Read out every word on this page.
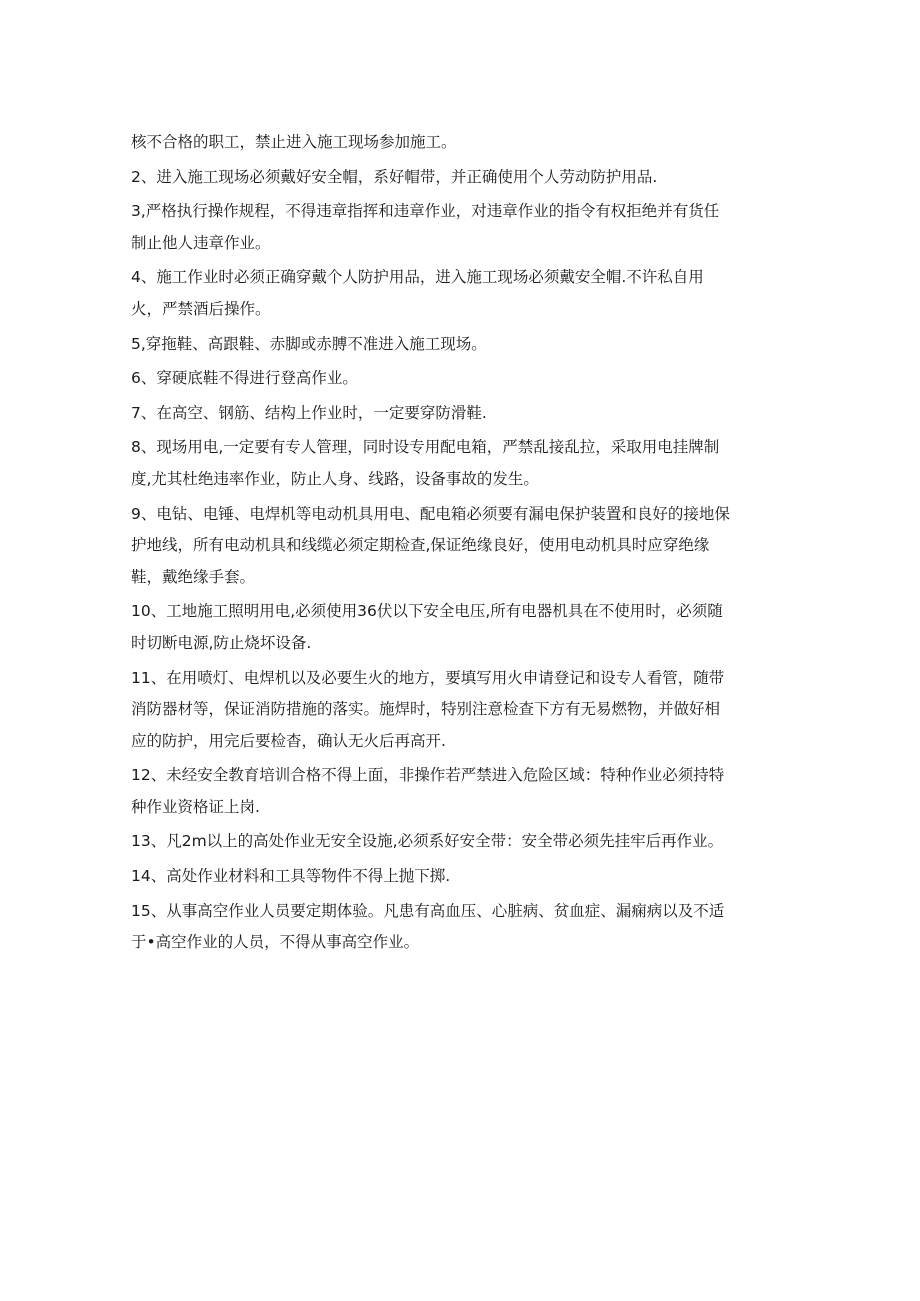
核不合格的职工，禁止进入施工现场参加施工。
2、进入施工现场必须戴好安全帽，系好帽带，并正确使用个人劳动防护用品.
3,严格执行操作规程，不得违章指挥和违章作业，对违章作业的指令有权拒绝并有货任
制止他人违章作业。
4、施工作业时必须正确穿戴个人防护用品，进入施工现场必须戴安全帽.不许私自用
火，严禁酒后操作。
5,穿拖鞋、高跟鞋、赤脚或赤膊不准进入施工现场。
6、穿硬底鞋不得进行登高作业。
7、在高空、钢筋、结构上作业时，一定要穿防滑鞋.
8、现场用电,一定要有专人管理，同时设专用配电箱，严禁乱接乱拉，采取用电挂牌制
度,尤其杜绝违率作业，防止人身、线路，设备事故的发生。
9、电钻、电锤、电焊机等电动机具用电、配电箱必须要有漏电保护装置和良好的接地保
护地线，所有电动机具和线缆必须定期检查,保证绝缘良好，使用电动机具时应穿绝缘
鞋，戴绝缘手套。
10、工地施工照明用电,必须使用36伏以下安全电压,所有电器机具在不使用时，必须随
时切断电源,防止烧坏设备.
11、在用喷灯、电焊机以及必要生火的地方，要填写用火申请登记和设专人看管，随带
消防器材等，保证消防措施的落实。施焊时，特别注意检查下方有无易燃物，并做好相
应的防护，用完后要检杳，确认无火后再高开.
12、未经安全教育培训合格不得上面，非操作若严禁进入危险区域：特种作业必须持特
种作业资格证上岗.
13、凡2m以上的高处作业无安全设施,必须系好安全带：安全带必须先挂牢后再作业。
14、高处作业材料和工具等物件不得上抛下掷.
15、从事高空作业人员要定期体验。凡患有高血压、心脏病、贫血症、漏痫病以及不适
于•高空作业的人员，不得从事高空作业。
